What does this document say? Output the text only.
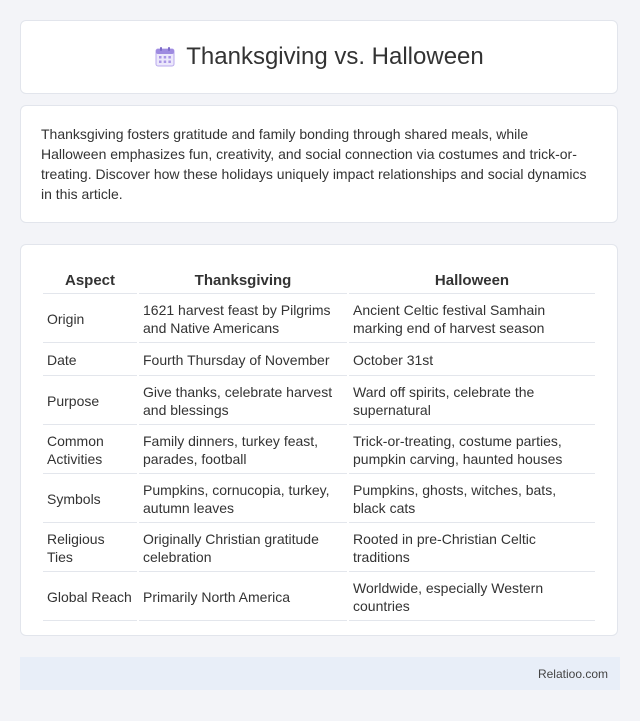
Thanksgiving vs. Halloween

Thanksgiving fosters gratitude and family bonding through shared meals, while Halloween emphasizes fun, creativity, and social connection via costumes and trick-or-treating. Discover how these holidays uniquely impact relationships and social dynamics in this article.

Aspect	Thanksgiving	Halloween
Origin	1621 harvest feast by Pilgrims and Native Americans	Ancient Celtic festival Samhain marking end of harvest season
Date	Fourth Thursday of November	October 31st
Purpose	Give thanks, celebrate harvest and blessings	Ward off spirits, celebrate the supernatural
Common Activities	Family dinners, turkey feast, parades, football	Trick-or-treating, costume parties, pumpkin carving, haunted houses
Symbols	Pumpkins, cornucopia, turkey, autumn leaves	Pumpkins, ghosts, witches, bats, black cats
Religious Ties	Originally Christian gratitude celebration	Rooted in pre-Christian Celtic traditions
Global Reach	Primarily North America	Worldwide, especially Western countries
Relatioo.com
